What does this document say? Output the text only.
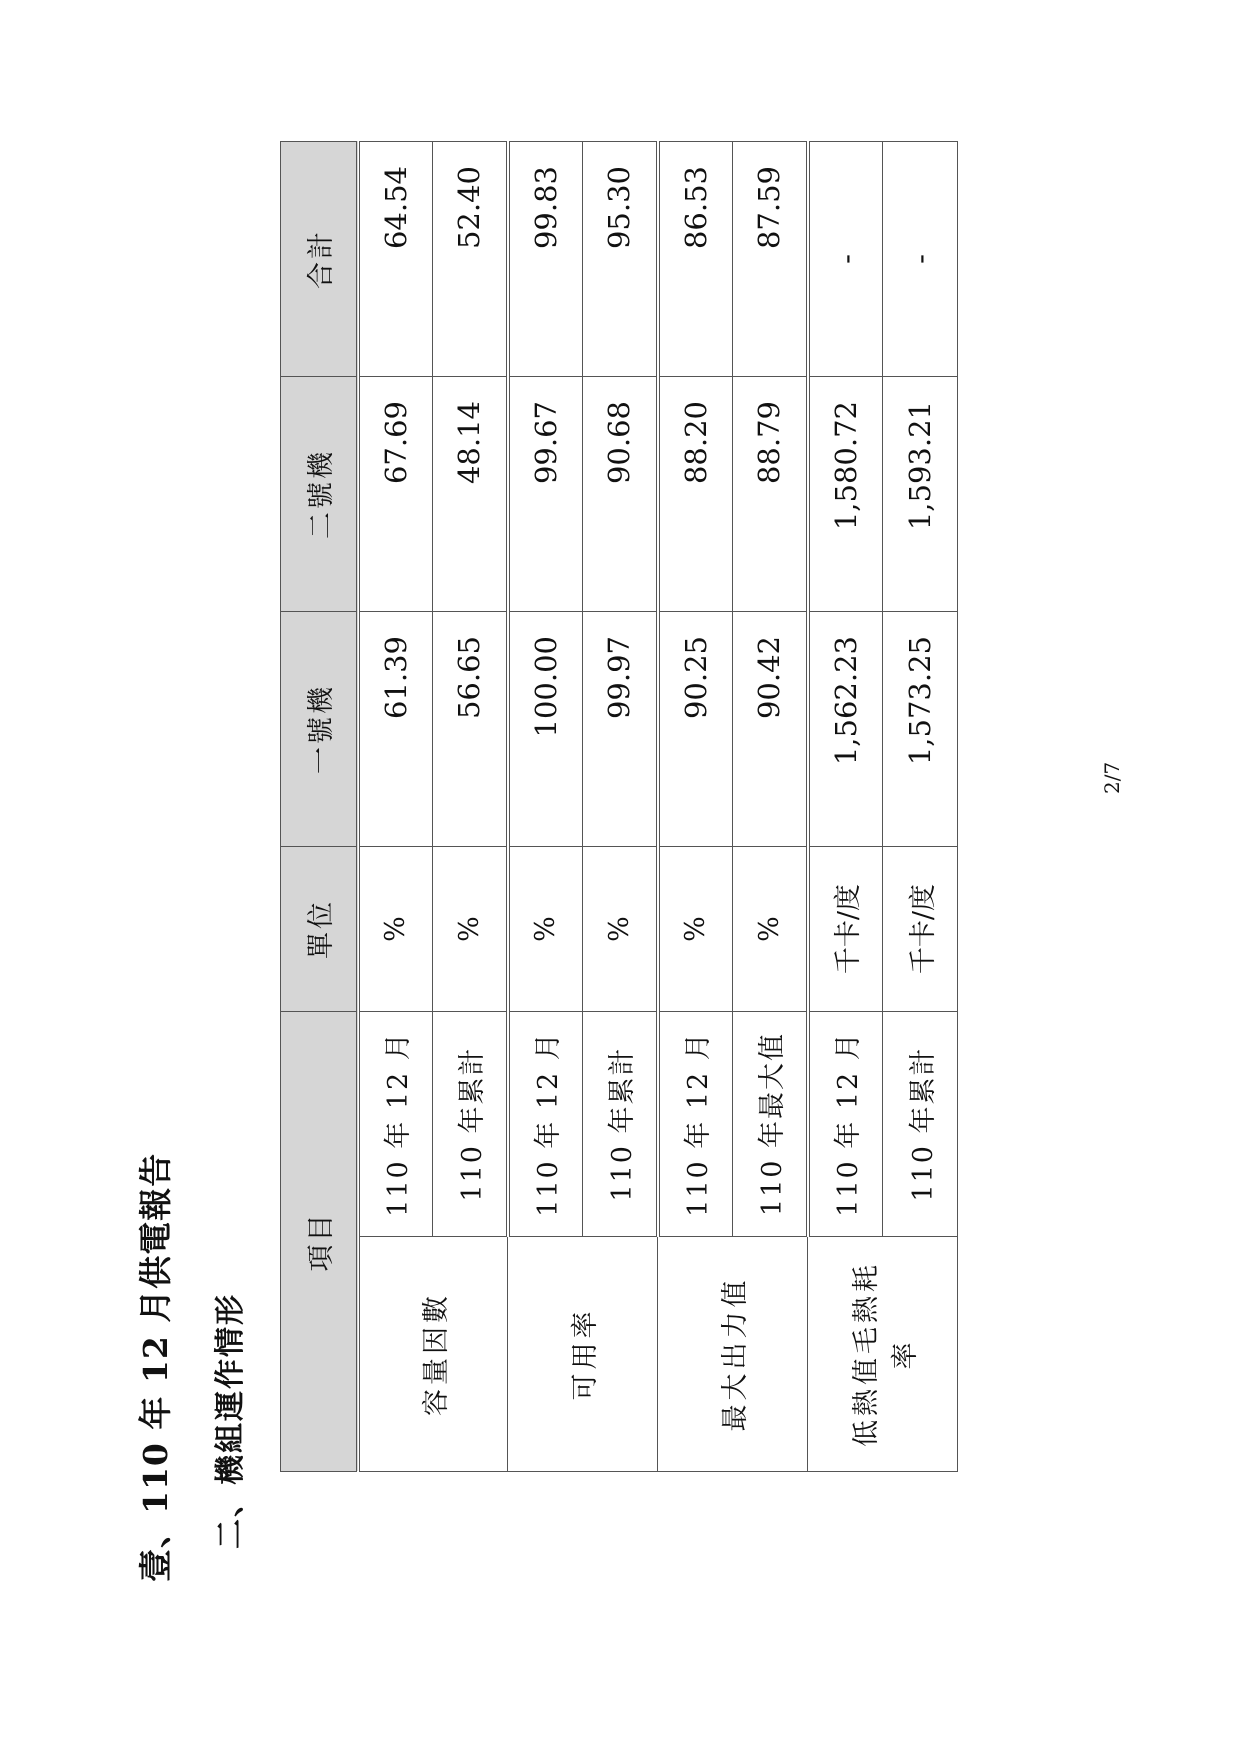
壹、110 年 12 月供電報告 二、機組運作情形
項目		單位	一號機	二號機	合計
容量因數	110 年 12 月	%	61.39	67.69	64.54
	110 年累計	%	56.65	48.14	52.40
可用率	110 年 12 月	%	100.00	99.67	99.83
	110 年累計	%	99.97	90.68	95.30
最大出力值	110 年 12 月	%	90.25	88.20	86.53
	110 年最大值	%	90.42	88.79	87.59
低熱值毛熱耗率	110 年 12 月	千卡/度	1,562.23	1,580.72	-
	110 年累計	千卡/度	1,573.25	1,593.21	-
2/7
